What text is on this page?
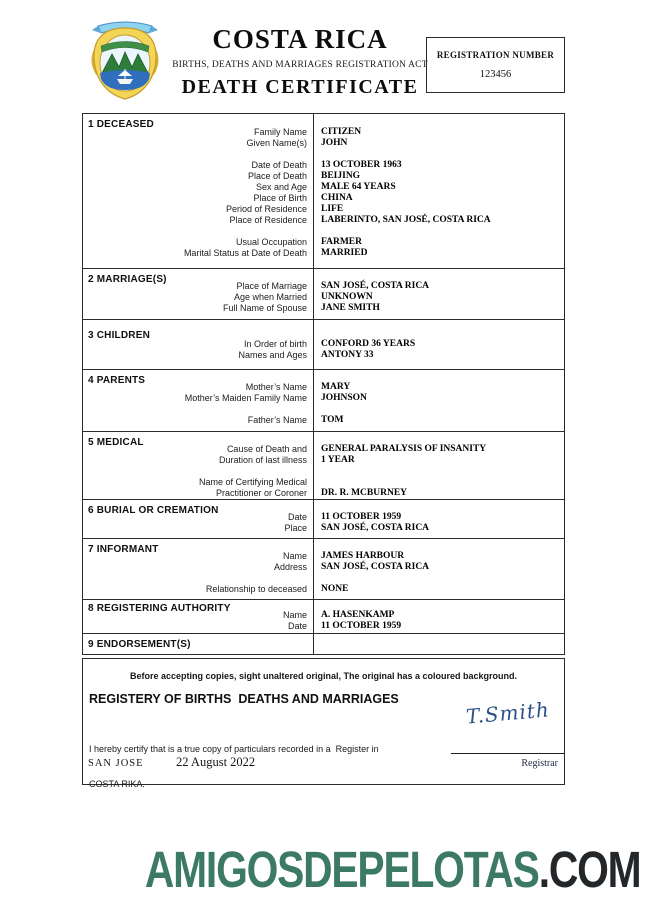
COSTA RICA
BIRTHS, DEATHS AND MARRIAGES REGISTRATION ACT
DEATH CERTIFICATE
REGISTRATION NUMBER
123456
1 DECEASED
Family Name
Given Name(s)

Date of Death
Place of Death
Sex and Age
Place of Birth
Period of Residence
Place of Residence

Usual Occupation
Marital Status at Date of Death
CITIZEN
JOHN

13 OCTOBER 1963
BEIJING
MALE 64 YEARS
CHINA
LIFE
LABERINTO, SAN JOSÉ, COSTA RICA

FARMER
MARRIED
2 MARRIAGE(S)
Place of Marriage
Age when Married
Full Name of Spouse
SAN JOSÉ, COSTA RICA
UNKNOWN
JANE SMITH
3 CHILDREN
In Order of birth
Names and Ages
CONFORD 36 YEARS
ANTONY 33
4 PARENTS
Mother’s Name
Mother’s Maiden Family Name

Father’s Name
MARY
JOHNSON

TOM
5 MEDICAL
Cause of Death and
Duration of last illness

Name of Certifying Medical
Practitioner or Coroner
GENERAL PARALYSIS OF INSANITY
1 YEAR

DR. R. MCBURNEY
6 BURIAL OR CREMATION
Date
Place
11 OCTOBER 1959
SAN JOSÉ, COSTA RICA
7 INFORMANT
Name
Address

Relationship to deceased
JAMES HARBOUR
SAN JOSÉ, COSTA RICA

NONE
8 REGISTERING AUTHORITY
Name
Date
A. HASENKAMP
11 OCTOBER 1959
9 ENDORSEMENT(S)
Before accepting copies, sight unaltered original, The original has a coloured background.
REGISTERY OF BIRTHS  DEATHS AND MARRIAGES

I hereby certify that is a true copy of particulars recorded in a  Register in

COSTA RIKA.

T.Smith
Registrar
SAN JOSE	22 August 2022
AMIGOSDEPELOTAS.COM
